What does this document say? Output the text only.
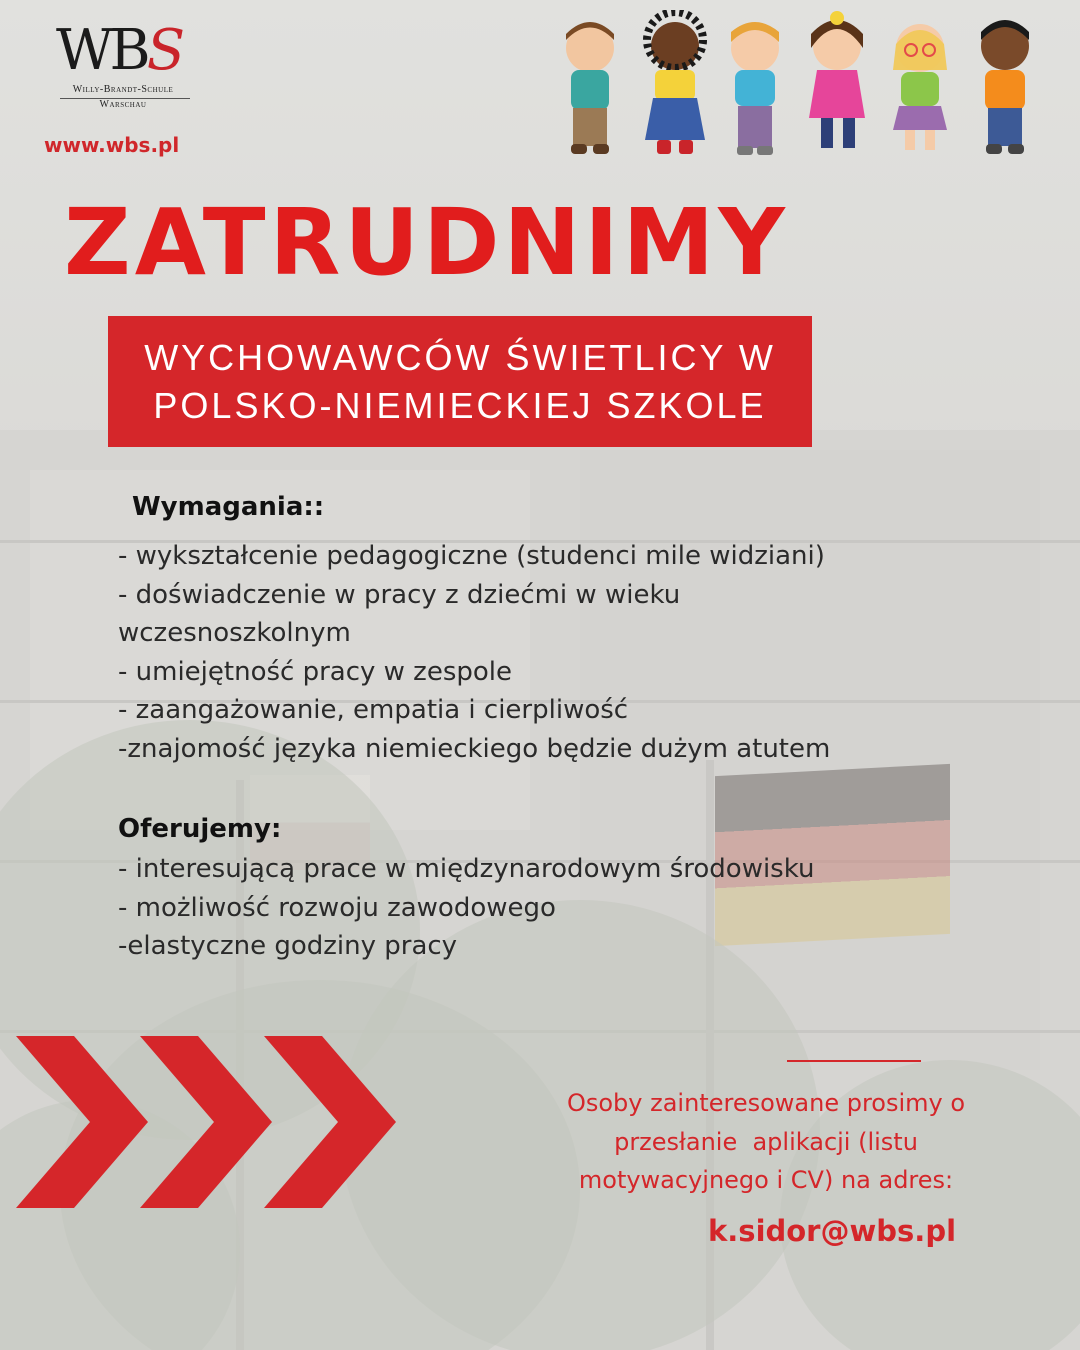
WBS
Willy-Brandt-Schule
Warschau
www.wbs.pl
ZATRUDNIMY
WYCHOWAWCÓW ŚWIETLICY W
POLSKO-NIEMIECKIEJ SZKOLE
Wymagania::
- wykształcenie pedagogiczne (studenci mile widziani)
- doświadczenie w pracy z dziećmi w wieku wczesnoszkolnym
- umiejętność pracy w zespole
- zaangażowanie, empatia i cierpliwość
-znajomość języka niemieckiego będzie dużym atutem
Oferujemy:
- interesującą prace w międzynarodowym środowisku
- możliwość rozwoju zawodowego
-elastyczne godziny pracy
Osoby zainteresowane prosimy o
przesłanie  aplikacji (listu
motywacyjnego i CV) na adres:
k.sidor@wbs.pl
